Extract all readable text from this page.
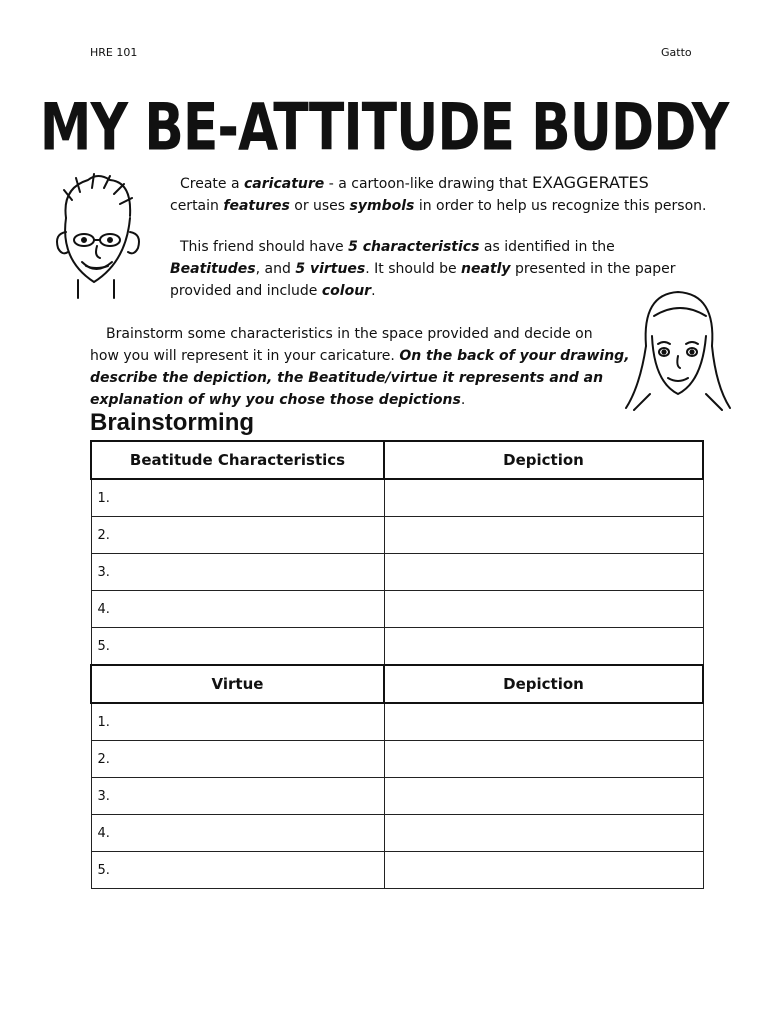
HRE 101	Gatto
MY BE-ATTITUDE BUDDY
Create a caricature - a cartoon-like drawing that EXAGGERATES
certain features or uses symbols in order to help us recognize this person.
This friend should have 5 characteristics as identified in the
Beatitudes, and 5 virtues. It should be neatly presented in the paper
provided and include colour.
Brainstorm some characteristics in the space provided and decide on
how you will represent it in your caricature. On the back of your drawing,
describe the depiction, the Beatitude/virtue it represents and an
explanation of why you chose those depictions.
Brainstorming
Beatitude Characteristics	Depiction
1.	
2.	
3.	
4.	
5.	
Virtue	Depiction
1.	
2.	
3.	
4.	
5.	
